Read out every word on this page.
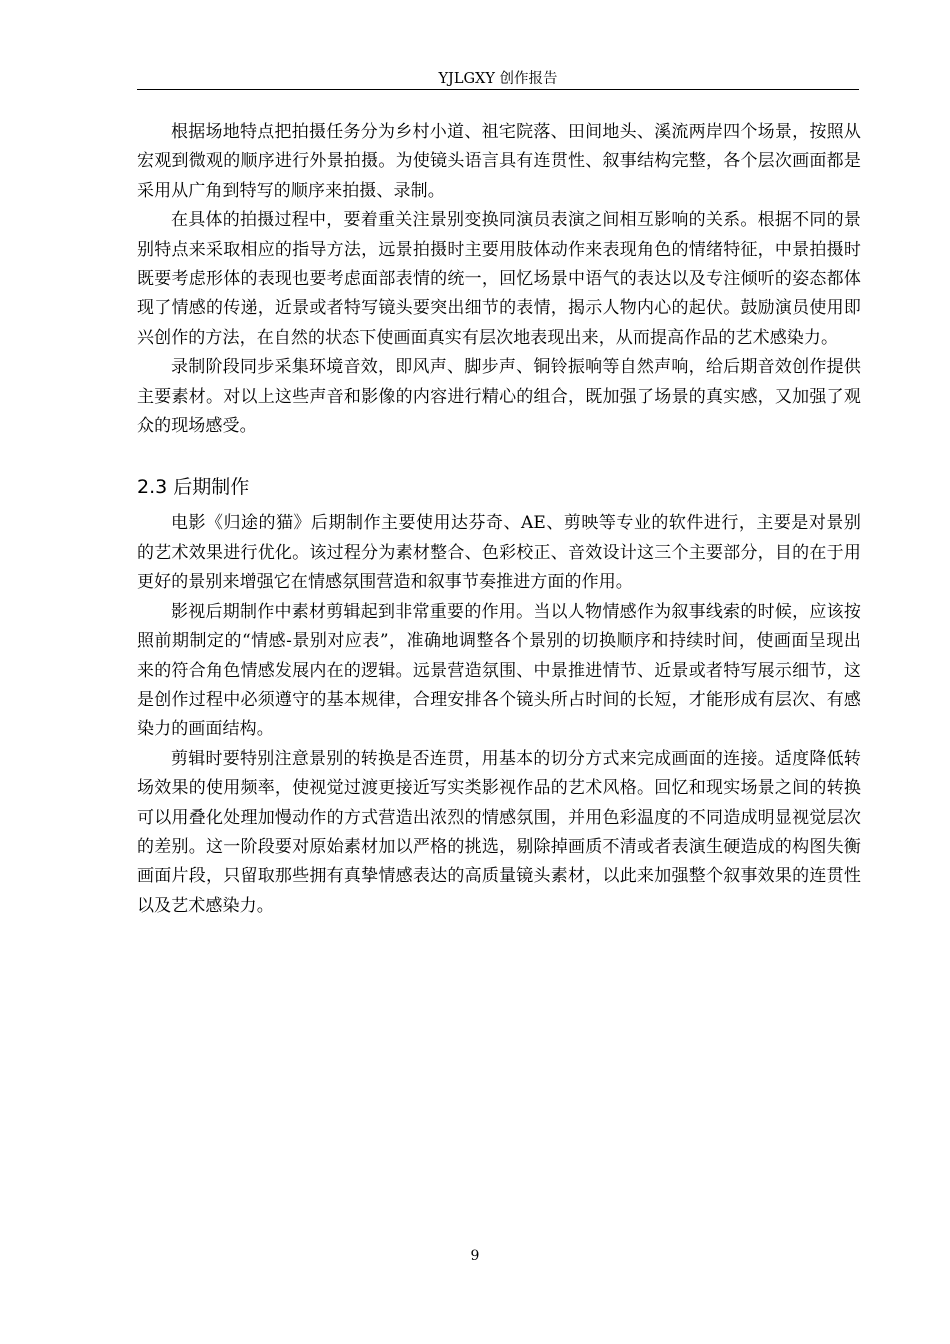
YJLGXY 创作报告

根据场地特点把拍摄任务分为乡村小道、祖宅院落、田间地头、溪流两岸四个场景，按照从宏观到微观的顺序进行外景拍摄。为使镜头语言具有连贯性、叙事结构完整，各个层次画面都是采用从广角到特写的顺序来拍摄、录制。

在具体的拍摄过程中，要着重关注景别变换同演员表演之间相互影响的关系。根据不同的景别特点来采取相应的指导方法，远景拍摄时主要用肢体动作来表现角色的情绪特征，中景拍摄时既要考虑形体的表现也要考虑面部表情的统一，回忆场景中语气的表达以及专注倾听的姿态都体现了情感的传递，近景或者特写镜头要突出细节的表情，揭示人物内心的起伏。鼓励演员使用即兴创作的方法，在自然的状态下使画面真实有层次地表现出来，从而提高作品的艺术感染力。

录制阶段同步采集环境音效，即风声、脚步声、铜铃振响等自然声响，给后期音效创作提供主要素材。对以上这些声音和影像的内容进行精心的组合，既加强了场景的真实感，又加强了观众的现场感受。

2.3 后期制作

电影《归途的猫》后期制作主要使用达芬奇、AE、剪映等专业的软件进行，主要是对景别的艺术效果进行优化。该过程分为素材整合、色彩校正、音效设计这三个主要部分，目的在于用更好的景别来增强它在情感氛围营造和叙事节奏推进方面的作用。

影视后期制作中素材剪辑起到非常重要的作用。当以人物情感作为叙事线索的时候，应该按照前期制定的“情感-景别对应表”，准确地调整各个景别的切换顺序和持续时间，使画面呈现出来的符合角色情感发展内在的逻辑。远景营造氛围、中景推进情节、近景或者特写展示细节，这是创作过程中必须遵守的基本规律，合理安排各个镜头所占时间的长短，才能形成有层次、有感染力的画面结构。

剪辑时要特别注意景别的转换是否连贯，用基本的切分方式来完成画面的连接。适度降低转场效果的使用频率，使视觉过渡更接近写实类影视作品的艺术风格。回忆和现实场景之间的转换可以用叠化处理加慢动作的方式营造出浓烈的情感氛围，并用色彩温度的不同造成明显视觉层次的差别。这一阶段要对原始素材加以严格的挑选，剔除掉画质不清或者表演生硬造成的构图失衡画面片段，只留取那些拥有真挚情感表达的高质量镜头素材，以此来加强整个叙事效果的连贯性以及艺术感染力。

9
